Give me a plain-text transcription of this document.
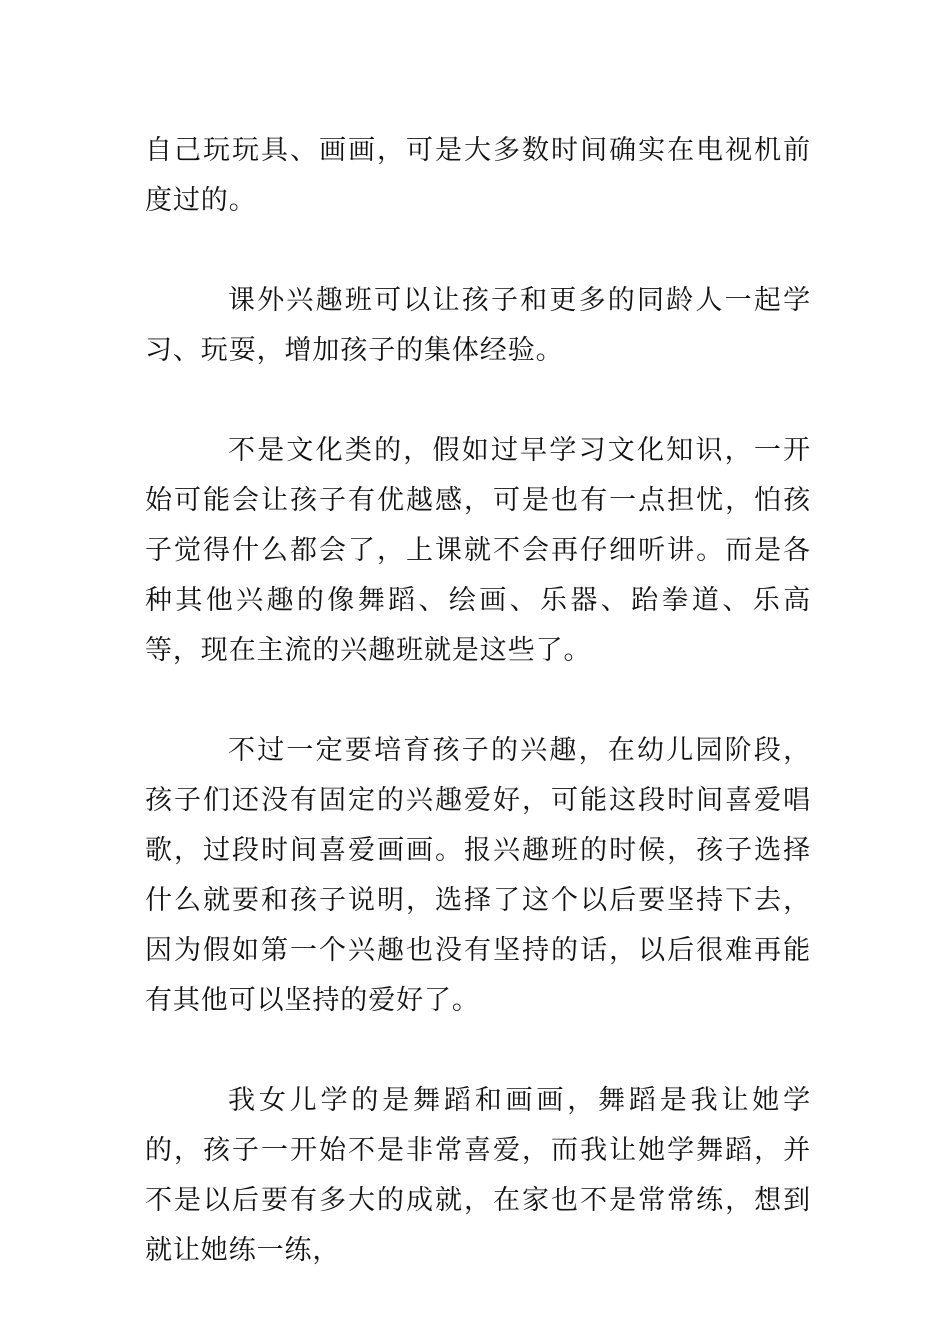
自己玩玩具、画画，可是大多数时间确实在电视机前度过的。

课外兴趣班可以让孩子和更多的同龄人一起学习、玩耍，增加孩子的集体经验。

不是文化类的，假如过早学习文化知识，一开始可能会让孩子有优越感，可是也有一点担忧，怕孩子觉得什么都会了，上课就不会再仔细听讲。而是各种其他兴趣的像舞蹈、绘画、乐器、跆拳道、乐高等，现在主流的兴趣班就是这些了。

不过一定要培育孩子的兴趣，在幼儿园阶段，孩子们还没有固定的兴趣爱好，可能这段时间喜爱唱歌，过段时间喜爱画画。报兴趣班的时候，孩子选择什么就要和孩子说明，选择了这个以后要坚持下去，因为假如第一个兴趣也没有坚持的话，以后很难再能有其他可以坚持的爱好了。

我女儿学的是舞蹈和画画，舞蹈是我让她学的，孩子一开始不是非常喜爱，而我让她学舞蹈，并不是以后要有多大的成就，在家也不是常常练，想到就让她练一练，
